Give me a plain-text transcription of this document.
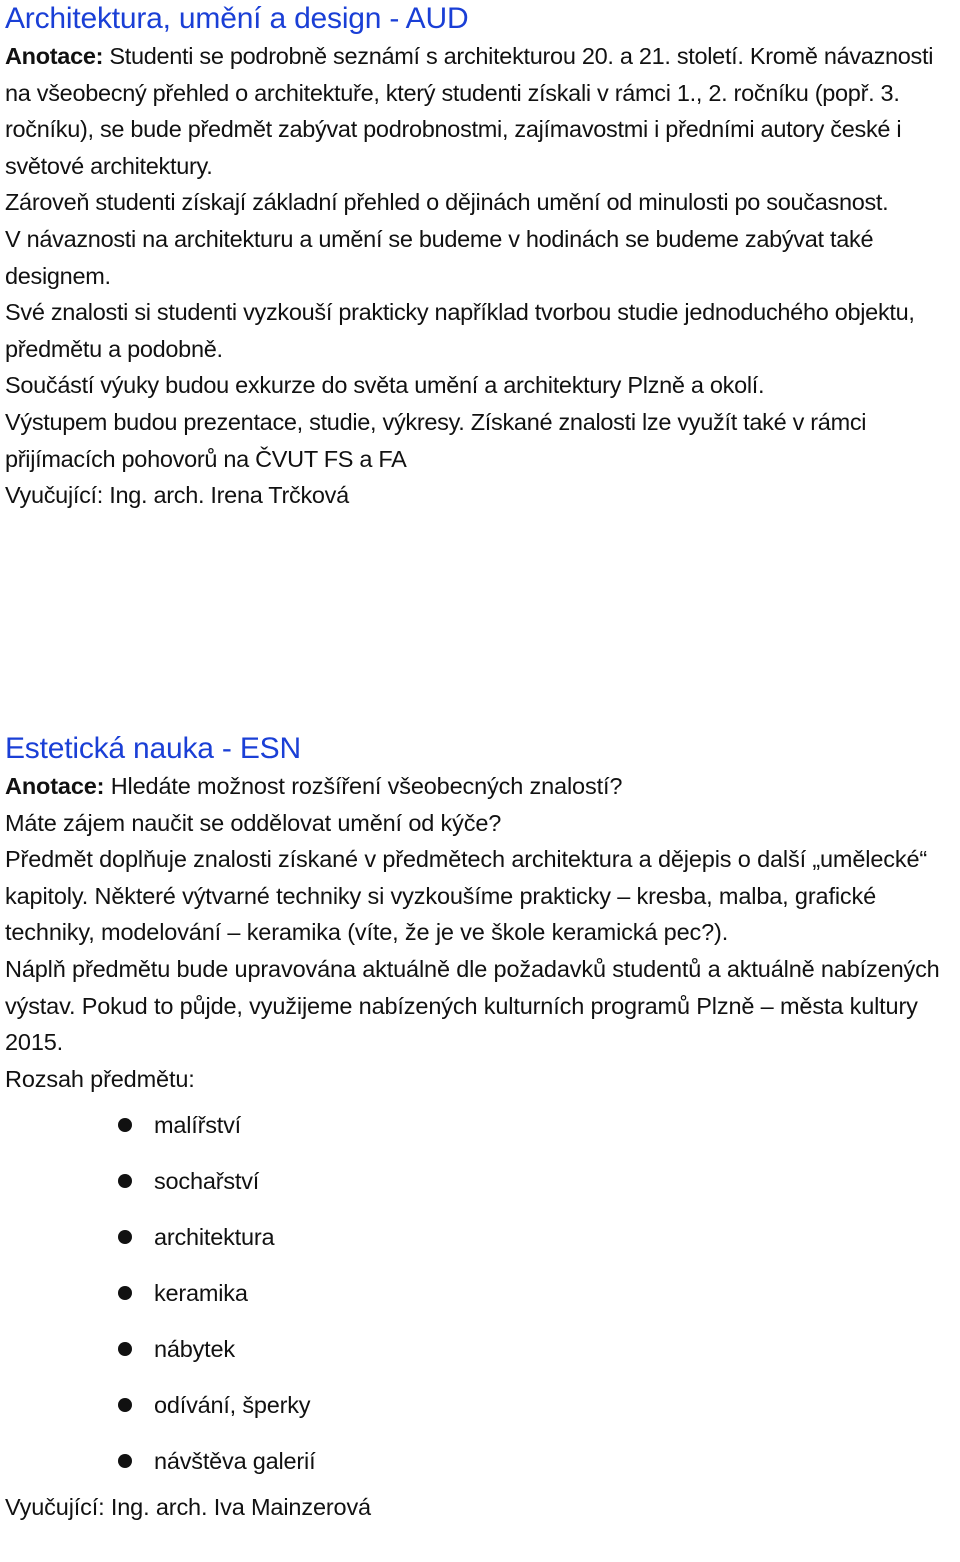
Architektura, umění a design - AUD

Anotace: Studenti se podrobně seznámí s architekturou 20. a 21. století. Kromě návaznosti na všeobecný přehled o architektuře, který studenti získali v rámci 1., 2. ročníku (popř. 3. ročníku), se bude předmět zabývat podrobnostmi, zajímavostmi i předními autory české i světové architektury.

Zároveň studenti získají základní přehled o dějinách umění od minulosti po současnost.

V návaznosti na architekturu a umění se budeme v hodinách se budeme zabývat také designem.

Své znalosti si studenti vyzkouší prakticky například tvorbou studie jednoduchého objektu, předmětu a podobně.

Součástí výuky budou exkurze do světa umění a architektury Plzně a okolí.

Výstupem budou prezentace, studie, výkresy. Získané znalosti lze využít také v rámci přijímacích pohovorů na ČVUT FS a FA

Vyučující: Ing. arch. Irena Trčková

Estetická nauka - ESN

Anotace: Hledáte možnost rozšíření všeobecných znalostí?

Máte zájem naučit se oddělovat umění od kýče?

Předmět doplňuje znalosti získané v předmětech architektura a dějepis o další „umělecké“ kapitoly. Některé výtvarné techniky si vyzkoušíme prakticky – kresba, malba, grafické techniky, modelování – keramika (víte, že je ve škole keramická pec?).

Náplň předmětu bude upravována aktuálně dle požadavků studentů a aktuálně nabízených výstav. Pokud to půjde, využijeme nabízených kulturních programů Plzně – města kultury 2015.

Rozsah předmětu:

malířství
sochařství
architektura
keramika
nábytek
odívání, šperky
návštěva galerií

Vyučující: Ing. arch. Iva Mainzerová
